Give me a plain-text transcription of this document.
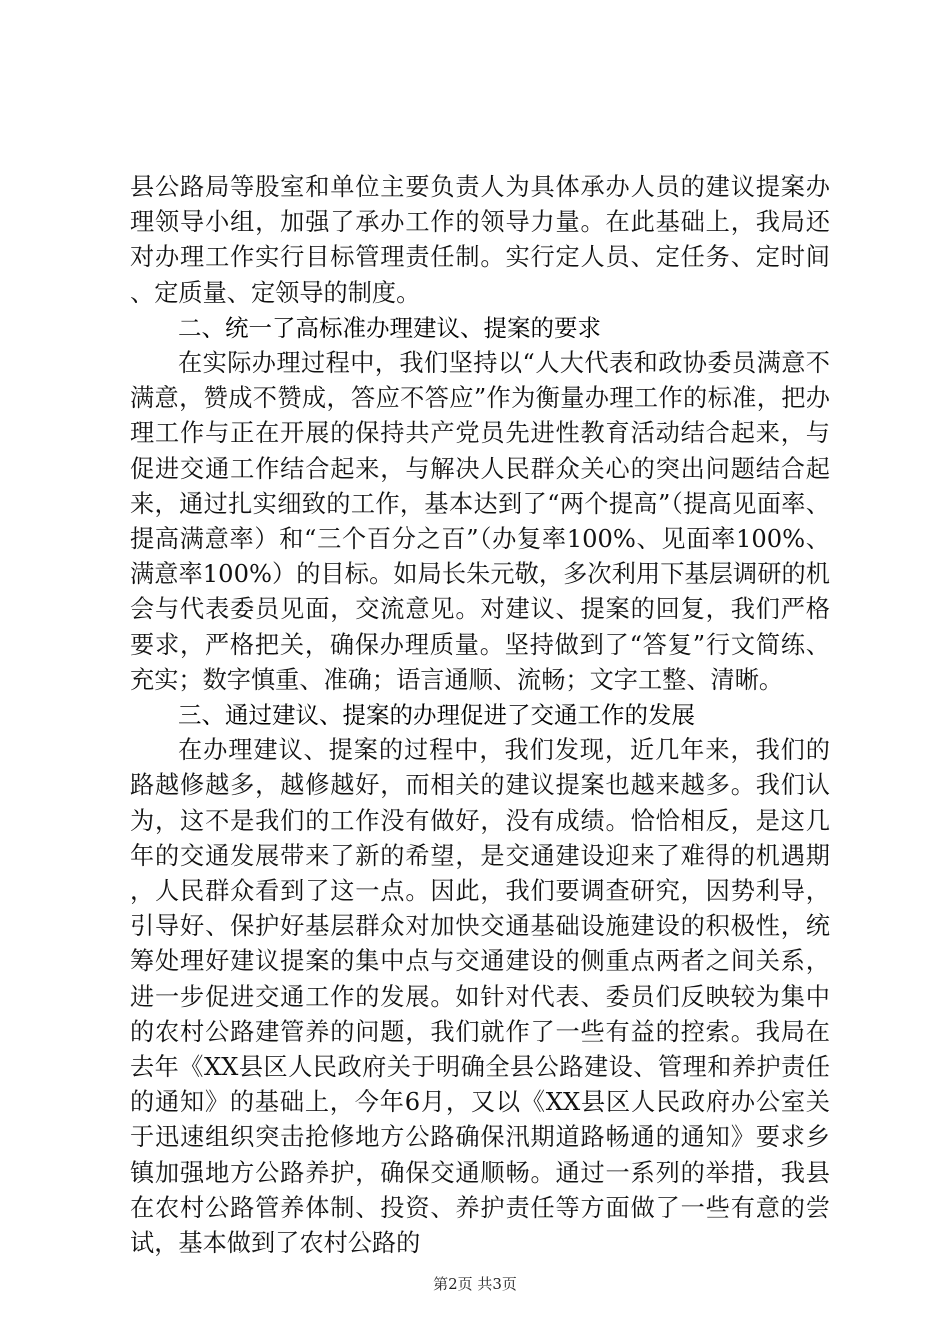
县公路局等股室和单位主要负责人为具体承办人员的建议提案办理领导小组，加强了承办工作的领导力量。在此基础上，我局还对办理工作实行目标管理责任制。实行定人员、定任务、定时间、定质量、定领导的制度。

二、统一了高标准办理建议、提案的要求

在实际办理过程中，我们坚持以“人大代表和政协委员满意不满意，赞成不赞成，答应不答应”作为衡量办理工作的标准，把办理工作与正在开展的保持共产党员先进性教育活动结合起来，与促进交通工作结合起来，与解决人民群众关心的突出问题结合起来，通过扎实细致的工作，基本达到了“两个提高”（提高见面率、提高满意率）和“三个百分之百”（办复率100%、见面率100%、满意率100%）的目标。如局长朱元敬，多次利用下基层调研的机会与代表委员见面，交流意见。对建议、提案的回复，我们严格要求，严格把关，确保办理质量。坚持做到了“答复”行文简练、充实；数字慎重、准确；语言通顺、流畅；文字工整、清晰。

三、通过建议、提案的办理促进了交通工作的发展

在办理建议、提案的过程中，我们发现，近几年来，我们的路越修越多，越修越好，而相关的建议提案也越来越多。我们认为，这不是我们的工作没有做好，没有成绩。恰恰相反，是这几年的交通发展带来了新的希望，是交通建设迎来了难得的机遇期，人民群众看到了这一点。因此，我们要调查研究，因势利导，引导好、保护好基层群众对加快交通基础设施建设的积极性，统筹处理好建议提案的集中点与交通建设的侧重点两者之间关系，进一步促进交通工作的发展。如针对代表、委员们反映较为集中的农村公路建管养的问题，我们就作了一些有益的控索。我局在去年《XX县区人民政府关于明确全县公路建设、管理和养护责任的通知》的基础上，今年6月，又以《XX县区人民政府办公室关于迅速组织突击抢修地方公路确保汛期道路畅通的通知》要求乡镇加强地方公路养护，确保交通顺畅。通过一系列的举措，我县在农村公路管养体制、投资、养护责任等方面做了一些有意的尝试，基本做到了农村公路的

第2页 共3页
